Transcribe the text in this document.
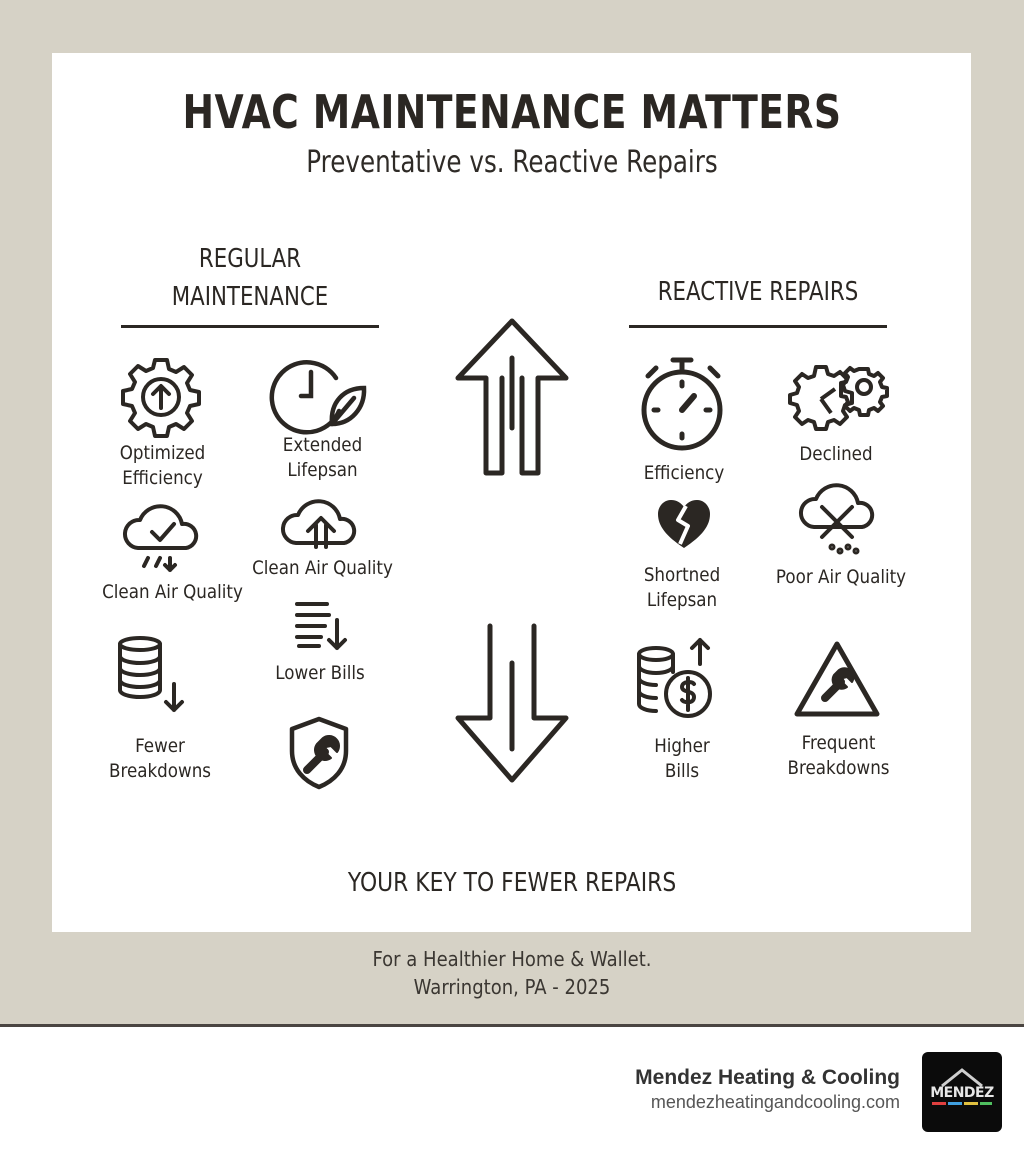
HVAC MAINTENANCE MATTERS
Preventative vs. Reactive Repairs
REGULAR
MAINTENANCE	REACTIVE REPAIRS
Optimized
Efficiency
Extended
Lifepsan
Clean Air Quality
Clean Air Quality
Lower Bills
Fewer
Breakdowns
Efficiency
Declined
Shortned
Lifepsan
Poor Air Quality
Higher
Bills
Frequent
Breakdowns
YOUR KEY TO FEWER REPAIRS
For a Healthier Home & Wallet.
Warrington, PA - 2025
Mendez Heating & Cooling
mendezheatingandcooling.com	MENDEZ
